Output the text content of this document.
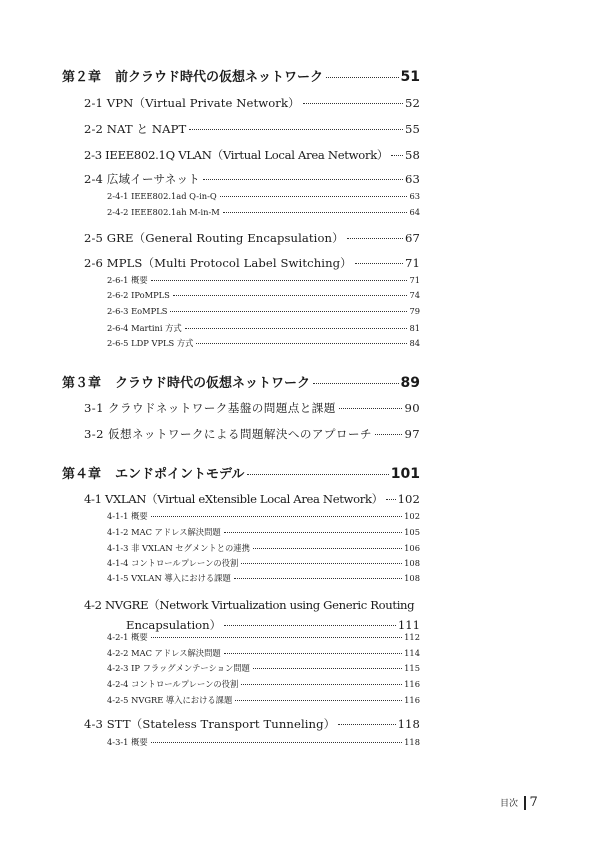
第２章 前クラウド時代の仮想ネットワーク	51
2-1 VPN（Virtual Private Network）	52
2-2 NAT と NAPT	55
2-3 IEEE802.1Q VLAN（Virtual Local Area Network） 58
2-4 広域イーサネット	63
2-4-1 IEEE802.1ad Q-in-Q	63
2-4-2 IEEE802.1ah M-in-M	64
2-5 GRE（General Routing Encapsulation）	67
2-6 MPLS（Multi Protocol Label Switching）	71
2-6-1 概要	71
2-6-2 IPoMPLS	74
2-6-3 EoMPLS	79
2-6-4 Martini 方式	81
2-6-5 LDP VPLS 方式	84
第３章 クラウド時代の仮想ネットワーク	89
3-1 クラウドネットワーク基盤の問題点と課題	90
3-2 仮想ネットワークによる問題解決へのアプローチ	97
第４章 エンドポイントモデル	101
4-1 VXLAN（Virtual eXtensible Local Area Network） 102
4-1-1 概要	102
4-1-2 MAC アドレス解決問題	105
4-1-3 非 VXLAN セグメントとの連携	106
4-1-4 コントロールプレーンの役割	108
4-1-5 VXLAN 導入における課題	108
4-2 NVGRE（Network Virtualization using Generic Routing
Encapsulation）	111
4-2-1 概要	112
4-2-2 MAC アドレス解決問題	114
4-2-3 IP フラッグメンテーション問題	115
4-2-4 コントロールプレーンの役割	116
4-2-5 NVGRE 導入における課題	116
4-3 STT（Stateless Transport Tunneling）	118
4-3-1 概要	118
目次 7
